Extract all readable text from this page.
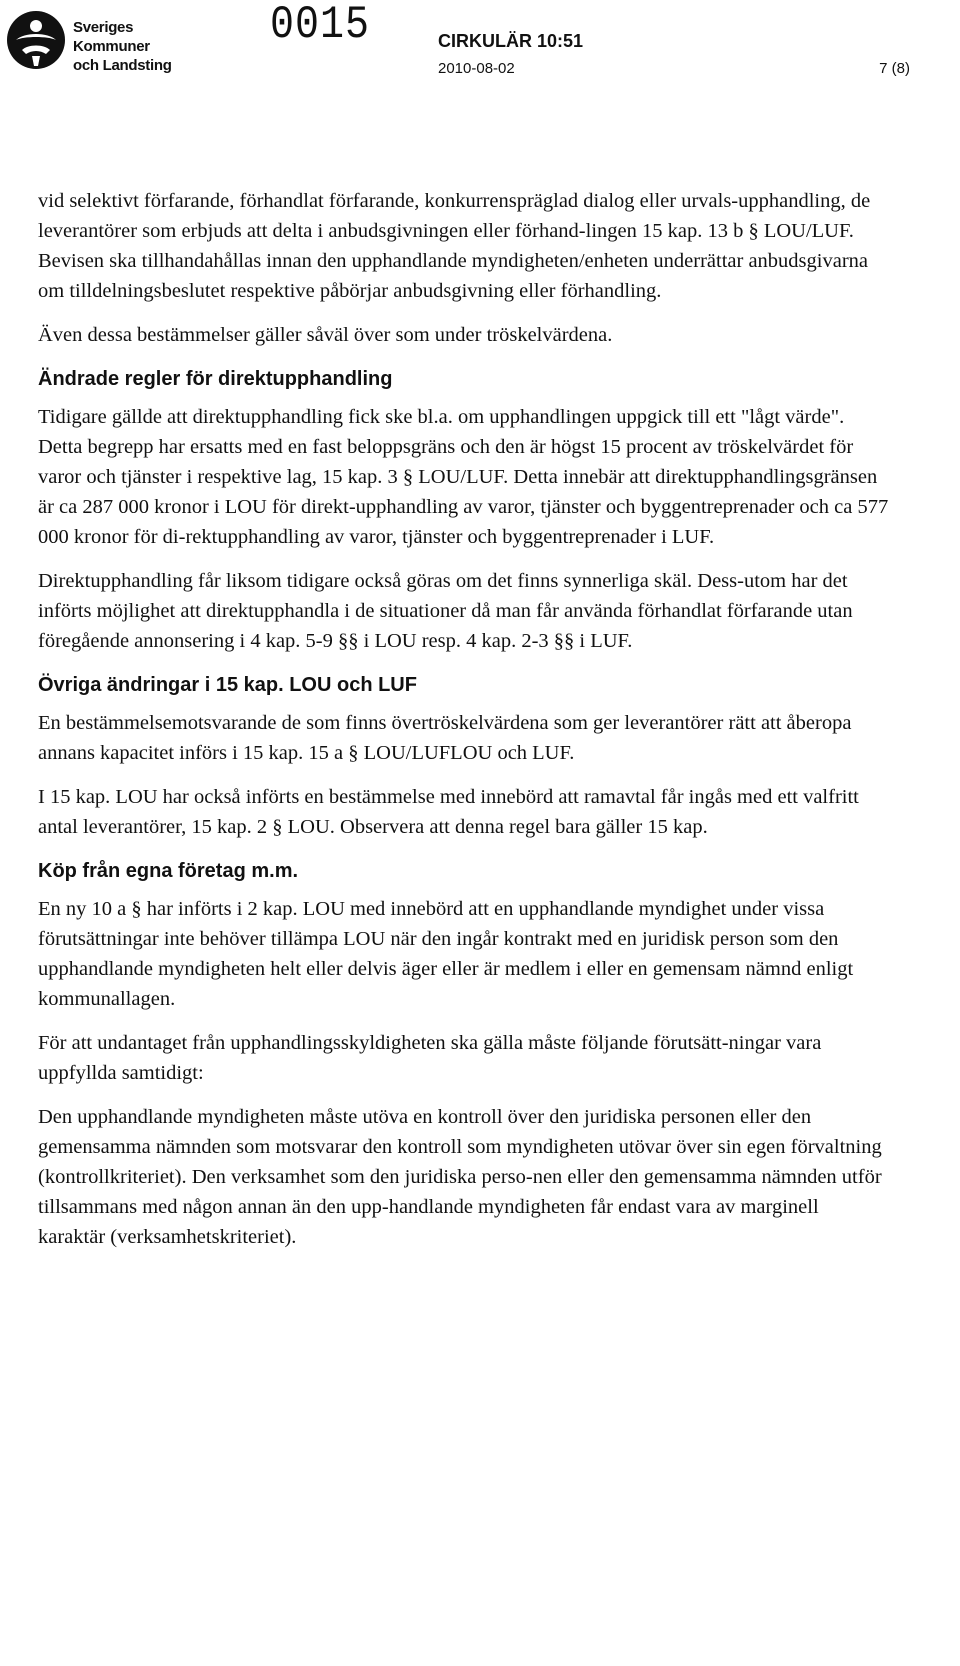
Sveriges
Kommuner
och Landsting
0015	CIRKULÄR 10:51
2010-08-02	7 (8)

vid selektivt förfarande, förhandlat förfarande, konkurrenspräglad dialog eller urvals-upphandling, de leverantörer som erbjuds att delta i anbudsgivningen eller förhand-lingen 15 kap. 13 b § LOU/LUF. Bevisen ska tillhandahållas innan den upphandlande myndigheten/enheten underrättar anbudsgivarna om tilldelningsbeslutet respektive påbörjar anbudsgivning eller förhandling.

Även dessa bestämmelser gäller såväl över som under tröskelvärdena.

Ändrade regler för direktupphandling

Tidigare gällde att direktupphandling fick ske bl.a. om upphandlingen uppgick till ett "lågt värde". Detta begrepp har ersatts med en fast beloppsgräns och den är högst 15 procent av tröskelvärdet för varor och tjänster i respektive lag, 15 kap. 3 § LOU/LUF. Detta innebär att direktupphandlingsgränsen är ca 287 000 kronor i LOU för direkt-upphandling av varor, tjänster och byggentreprenader och ca 577 000 kronor för di-rektupphandling av varor, tjänster och byggentreprenader i LUF.

Direktupphandling får liksom tidigare också göras om det finns synnerliga skäl. Dess-utom har det införts möjlighet att direktupphandla i de situationer då man får använda förhandlat förfarande utan föregående annonsering i 4 kap. 5-9 §§ i LOU resp. 4 kap. 2-3 §§ i LUF.

Övriga ändringar i 15 kap. LOU och LUF

En bestämmelsemotsvarande de som finns övertröskelvärdena som ger leverantörer rätt att åberopa annans kapacitet införs i 15 kap. 15 a § LOU/LUFLOU och LUF.

I 15 kap. LOU har också införts en bestämmelse med innebörd att ramavtal får ingås med ett valfritt antal leverantörer, 15 kap. 2 § LOU. Observera att denna regel bara gäller 15 kap.

Köp från egna företag m.m.

En ny 10 a § har införts i 2 kap. LOU med innebörd att en upphandlande myndighet under vissa förutsättningar inte behöver tillämpa LOU när den ingår kontrakt med en juridisk person som den upphandlande myndigheten helt eller delvis äger eller är medlem i eller en gemensam nämnd enligt kommunallagen.

För att undantaget från upphandlingsskyldigheten ska gälla måste följande förutsätt-ningar vara uppfyllda samtidigt:

Den upphandlande myndigheten måste utöva en kontroll över den juridiska personen eller den gemensamma nämnden som motsvarar den kontroll som myndigheten utövar över sin egen förvaltning (kontrollkriteriet). Den verksamhet som den juridiska perso-nen eller den gemensamma nämnden utför tillsammans med någon annan än den upp-handlande myndigheten får endast vara av marginell karaktär (verksamhetskriteriet).
